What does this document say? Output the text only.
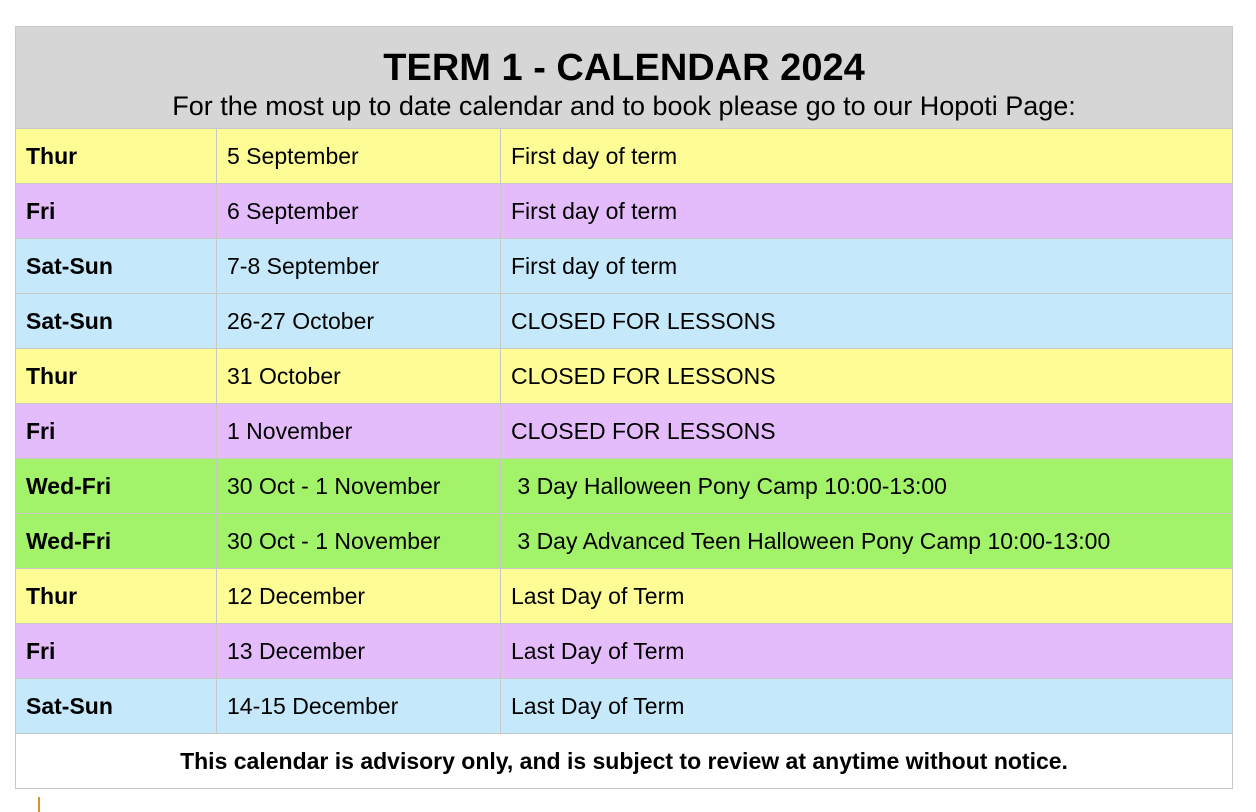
TERM 1 - CALENDAR 2024
For the most up to date calendar and to book please go to our Hopoti Page:		

Thur	5 September	First day of term
Fri	6 September	First day of term
Sat-Sun	7-8 September	First day of term
Sat-Sun	26-27 October	CLOSED FOR LESSONS
Thur	31 October	CLOSED FOR LESSONS
Fri	1 November	CLOSED FOR LESSONS
Wed-Fri	30 Oct - 1 November	3 Day Halloween Pony Camp 10:00-13:00
Wed-Fri	30 Oct - 1 November	3 Day Advanced Teen Halloween Pony Camp 10:00-13:00
Thur	12 December	Last Day of Term
Fri	13 December	Last Day of Term
Sat-Sun	14-15 December	Last Day of Term
This calendar is advisory only, and is subject to review at anytime without notice.		
